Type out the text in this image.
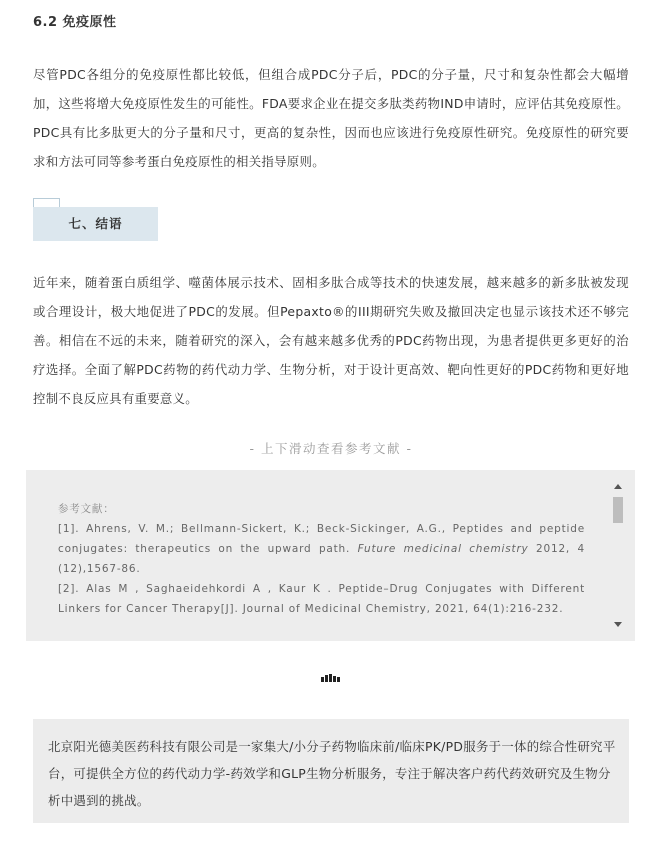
6.2 免疫原性
尽管PDC各组分的免疫原性都比较低，但组合成PDC分子后，PDC的分子量，尺寸和复杂性都会大幅增加，这些将增大免疫原性发生的可能性。FDA要求企业在提交多肽类药物IND申请时，应评估其免疫原性。PDC具有比多肽更大的分子量和尺寸，更高的复杂性，因而也应该进行免疫原性研究。免疫原性的研究要求和方法可同等参考蛋白免疫原性的相关指导原则。
七、结语
近年来，随着蛋白质组学、噬菌体展示技术、固相多肽合成等技术的快速发展，越来越多的新多肽被发现或合理设计，极大地促进了PDC的发展。但Pepaxto®的III期研究失败及撤回决定也显示该技术还不够完善。相信在不远的未来，随着研究的深入，会有越来越多优秀的PDC药物出现，为患者提供更多更好的治疗选择。全面了解PDC药物的药代动力学、生物分析，对于设计更高效、靶向性更好的PDC药物和更好地控制不良反应具有重要意义。
- 上下滑动查看参考文献 -
参考文献：
[1]. Ahrens, V. M.; Bellmann-Sickert, K.; Beck-Sickinger, A.G., Peptides and peptide conjugates: therapeutics on the upward path. Future medicinal chemistry 2012, 4 (12),1567-86.
[2]. Alas M , Saghaeidehkordi A , Kaur K . Peptide–Drug Conjugates with Different Linkers for Cancer Therapy[J]. Journal of Medicinal Chemistry, 2021, 64(1):216-232.
北京阳光德美医药科技有限公司是一家集大/小分子药物临床前/临床PK/PD服务于一体的综合性研究平台，可提供全方位的药代动力学-药效学和GLP生物分析服务，专注于解决客户药代药效研究及生物分析中遇到的挑战。
